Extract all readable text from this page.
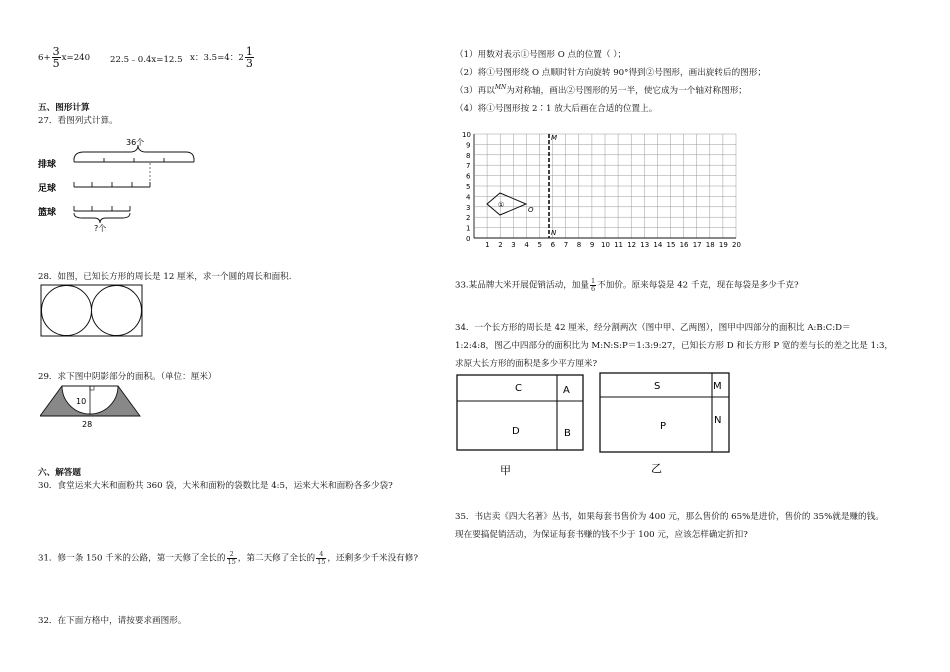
$6+ \frac{3}{5} x=240$ 22.5﹣0.4x=12.5 x：3.5=4：$2 \frac{1}{3}$
五、图形计算
27．看图列式计算。
36个
排球
足球
篮球
?个
28．如图，已知长方形的周长是 12 厘米，求一个圆的周长和面积.
29．求下图中阴影部分的面积。（单位：厘米）
10
28
六、解答题
30．食堂运来大米和面粉共 360 袋，大米和面粉的袋数比是 4:5，运来大米和面粉各多少袋?
31．修一条 150 千米的公路，第一天修了全长的 $\frac{2}{15}$ ，第二天修了全长的 $\frac{4}{15}$ ，还剩多少千米没有修?
32．在下面方格中，请按要求画图形。
（1）用数对表示①号图形 O 点的位置（ ）；
（2）将①号图形绕 O 点顺时针方向旋转 90°得到②号图形，画出旋转后的图形；
（3）再以$^{MN}$为对称轴，画出②号图形的另一半，使它成为一个轴对称图形；
（4）将①号图形按 2∶1 放大后画在合适的位置上。
1 2 3 4 5 6 7 8 9 10 11 12 13 14 15 16 17 18 19 20
0
1
2
3
4
5
6
7
8
9
10	M
N
①
O
33.某品牌大米开展促销活动，加量 $\frac{1}{6}$ 不加价。原来每袋是 42 千克，现在每袋是多少千克?
34．一个长方形的周长是 42 厘米，经分割两次（图中甲、乙两图），图甲中四部分的面积比 A:B:C:D＝
1:2:4:8，图乙中四部分的面积比为 M:N:S:P＝1:3:9:27，已知长方形 D 和长方形 P 宽的差与长的差之比是 1:3，
求原大长方形的面积是多少平方厘米?
C	A
D	B
甲
S	M
N
P
乙
35．书店卖《四大名著》丛书，如果每套书售价为 400 元，那么售价的 65%是进价，售价的 35%就是赚的钱。
现在要搞促销活动，为保证每套书赚的钱不少于 100 元，应该怎样确定折扣?
